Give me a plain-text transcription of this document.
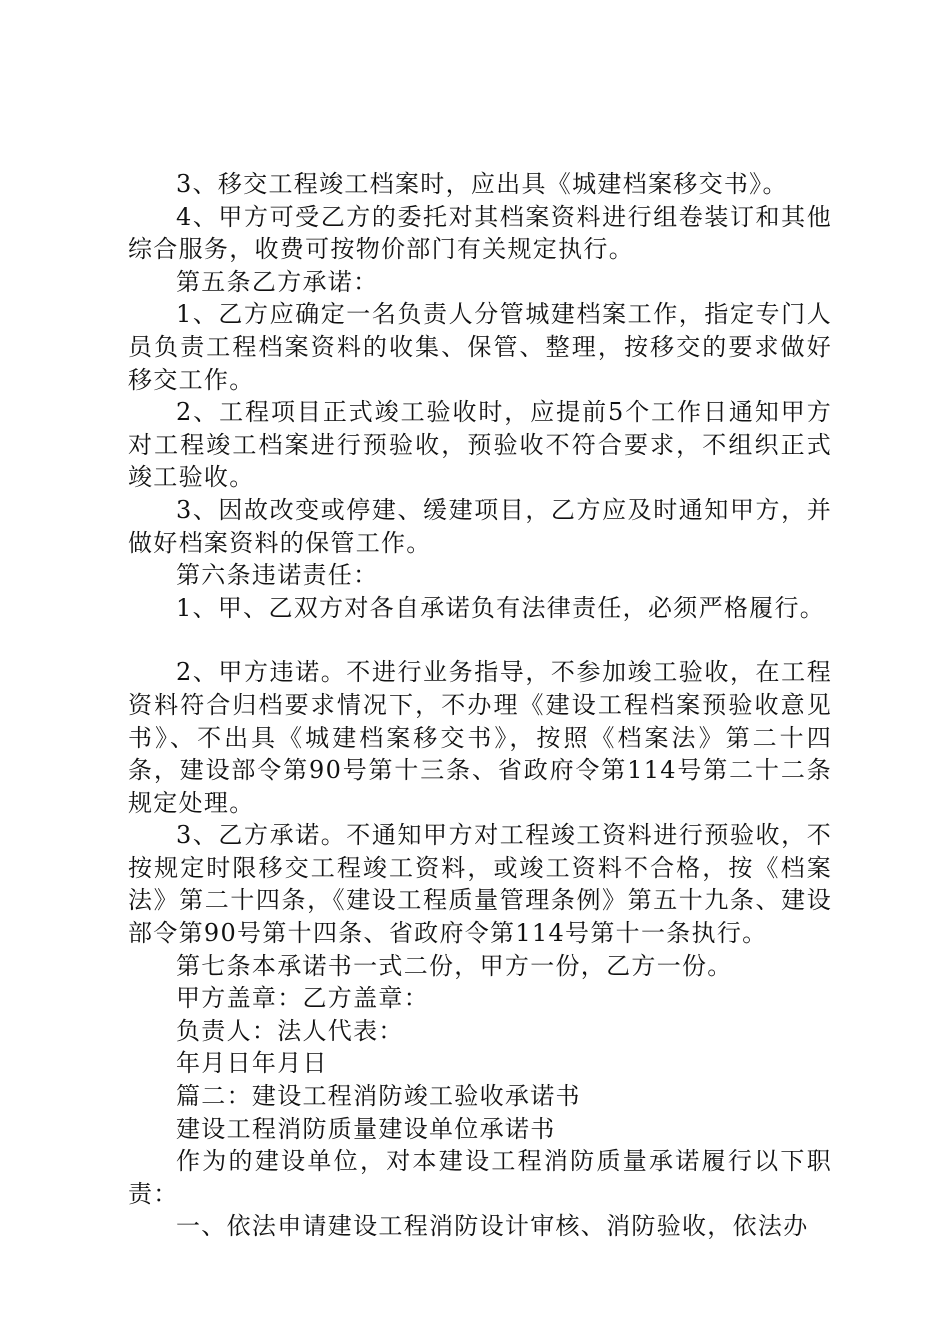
3、移交工程竣工档案时，应出具《城建档案移交书》。

4、甲方可受乙方的委托对其档案资料进行组卷装订和其他综合服务，收费可按物价部门有关规定执行。

第五条乙方承诺：

1、乙方应确定一名负责人分管城建档案工作，指定专门人员负责工程档案资料的收集、保管、整理，按移交的要求做好移交工作。

2、工程项目正式竣工验收时，应提前5个工作日通知甲方对工程竣工档案进行预验收，预验收不符合要求，不组织正式竣工验收。

3、因故改变或停建、缓建项目，乙方应及时通知甲方，并做好档案资料的保管工作。

第六条违诺责任：

1、甲、乙双方对各自承诺负有法律责任，必须严格履行。

2、甲方违诺。不进行业务指导，不参加竣工验收，在工程资料符合归档要求情况下，不办理《建设工程档案预验收意见书》、不出具《城建档案移交书》，按照《档案法》第二十四条，建设部令第90号第十三条、省政府令第114号第二十二条规定处理。

3、乙方承诺。不通知甲方对工程竣工资料进行预验收，不按规定时限移交工程竣工资料，或竣工资料不合格，按《档案法》第二十四条，《建设工程质量管理条例》第五十九条、建设部令第90号第十四条、省政府令第114号第十一条执行。

第七条本承诺书一式二份，甲方一份，乙方一份。

甲方盖章：乙方盖章：

负责人：法人代表：

年月日年月日

篇二：建设工程消防竣工验收承诺书

建设工程消防质量建设单位承诺书

作为的建设单位，对本建设工程消防质量承诺履行以下职责：

一、依法申请建设工程消防设计审核、消防验收，依法办
